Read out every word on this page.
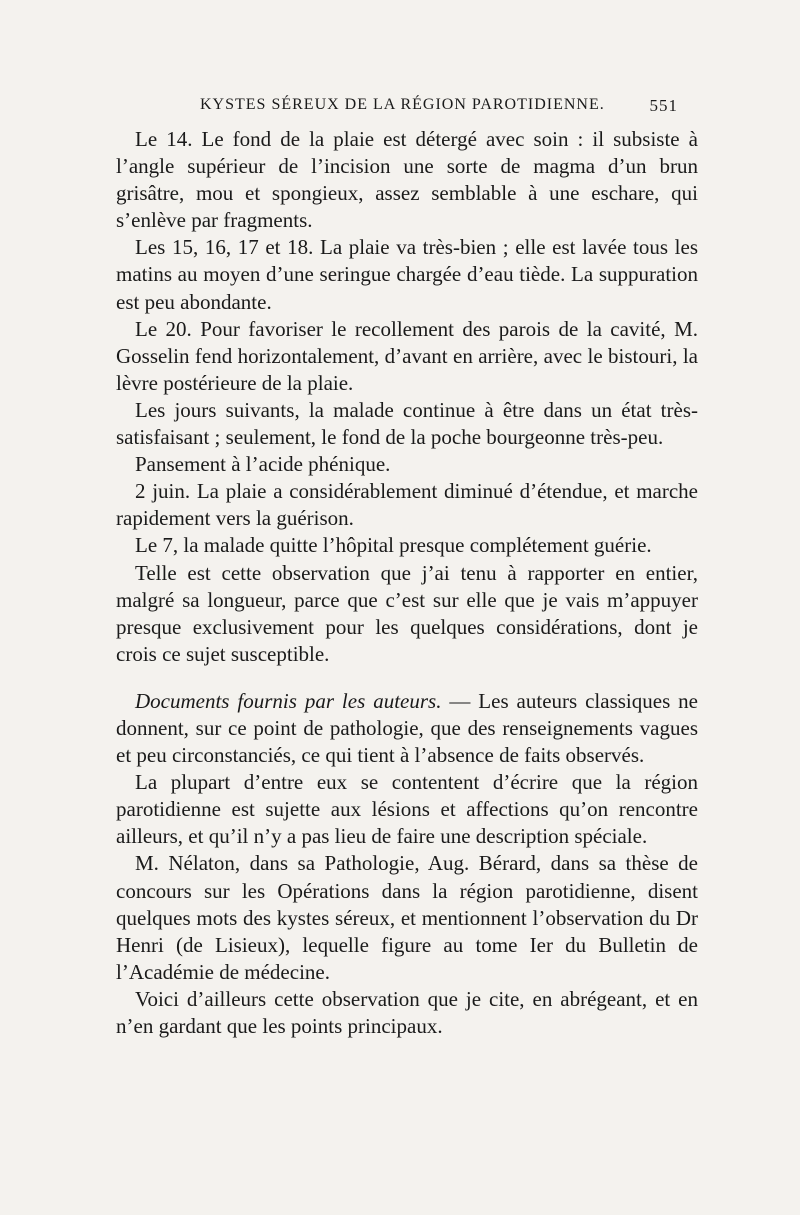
KYSTES SÉREUX DE LA RÉGION PAROTIDIENNE.	551

Le 14. Le fond de la plaie est détergé avec soin : il subsiste à l’angle supérieur de l’incision une sorte de magma d’un brun grisâtre, mou et spongieux, assez semblable à une eschare, qui s’enlève par fragments.

Les 15, 16, 17 et 18. La plaie va très-bien ; elle est lavée tous les matins au moyen d’une seringue chargée d’eau tiède. La suppuration est peu abondante.

Le 20. Pour favoriser le recollement des parois de la cavité, M. Gosselin fend horizontalement, d’avant en arrière, avec le bistouri, la lèvre postérieure de la plaie.

Les jours suivants, la malade continue à être dans un état très-satisfaisant ; seulement, le fond de la poche bourgeonne très-peu.

Pansement à l’acide phénique.

2 juin. La plaie a considérablement diminué d’étendue, et marche rapidement vers la guérison.

Le 7, la malade quitte l’hôpital presque complétement guérie.

Telle est cette observation que j’ai tenu à rapporter en entier, malgré sa longueur, parce que c’est sur elle que je vais m’appuyer presque exclusivement pour les quelques considérations, dont je crois ce sujet susceptible.

Documents fournis par les auteurs. — Les auteurs classiques ne donnent, sur ce point de pathologie, que des renseignements vagues et peu circonstanciés, ce qui tient à l’absence de faits observés.

La plupart d’entre eux se contentent d’écrire que la région parotidienne est sujette aux lésions et affections qu’on rencontre ailleurs, et qu’il n’y a pas lieu de faire une description spéciale.

M. Nélaton, dans sa Pathologie, Aug. Bérard, dans sa thèse de concours sur les Opérations dans la région parotidienne, disent quelques mots des kystes séreux, et mentionnent l’observation du Dr Henri (de Lisieux), lequelle figure au tome Ier du Bulletin de l’Académie de médecine.

Voici d’ailleurs cette observation que je cite, en abrégeant, et en n’en gardant que les points principaux.
